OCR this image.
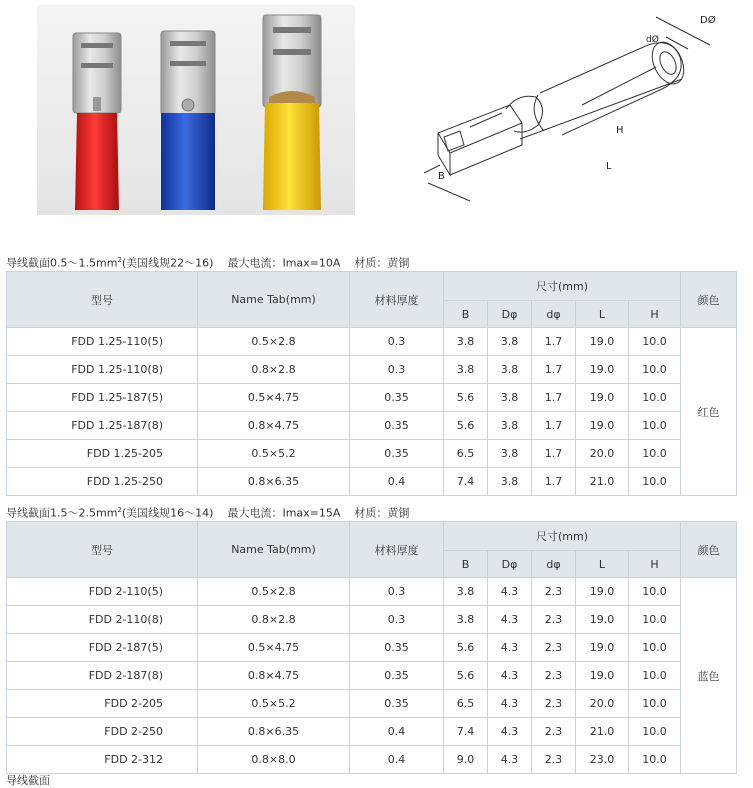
DØ
dØ
H
L
B
导线截面$0.5\sim 1.5mm^2$(美国线规22～16) 最大电流：Imax=10A 材质：黄铜
型号	Name Tab(mm)	材料厚度	尺寸(mm)					颜色
			B	Dφ	dφ	L	H	
FDD 1.25-110(5)	0.5×2.8	0.3	3.8	3.8	1.7	19.0	10.0	红色
FDD 1.25-110(8)	0.8×2.8	0.3	3.8	3.8	1.7	19.0	10.0	
FDD 1.25-187(5)	0.5×4.75	0.35	5.6	3.8	1.7	19.0	10.0	
FDD 1.25-187(8)	0.8×4.75	0.35	5.6	3.8	1.7	19.0	10.0	
FDD 1.25-205	0.5×5.2	0.35	6.5	3.8	1.7	20.0	10.0	
FDD 1.25-250	0.8×6.35	0.4	7.4	3.8	1.7	21.0	10.0	
导线截面$1.5\sim 2.5mm^2$(美国线规16～14) 最大电流：Imax=15A 材质：黄铜
型号	Name Tab(mm)	材料厚度	尺寸(mm)					颜色
			B	Dφ	dφ	L	H	
FDD 2-110(5)	0.5×2.8	0.3	3.8	4.3	2.3	19.0	10.0	蓝色
FDD 2-110(8)	0.8×2.8	0.3	3.8	4.3	2.3	19.0	10.0	
FDD 2-187(5)	0.5×4.75	0.35	5.6	4.3	2.3	19.0	10.0	
FDD 2-187(8)	0.8×4.75	0.35	5.6	4.3	2.3	19.0	10.0	
FDD 2-205	0.5×5.2	0.35	6.5	4.3	2.3	20.0	10.0	
FDD 2-250	0.8×6.35	0.4	7.4	4.3	2.3	21.0	10.0	
FDD 2-312	0.8×8.0	0.4	9.0	4.3	2.3	23.0	10.0	
导线截面
